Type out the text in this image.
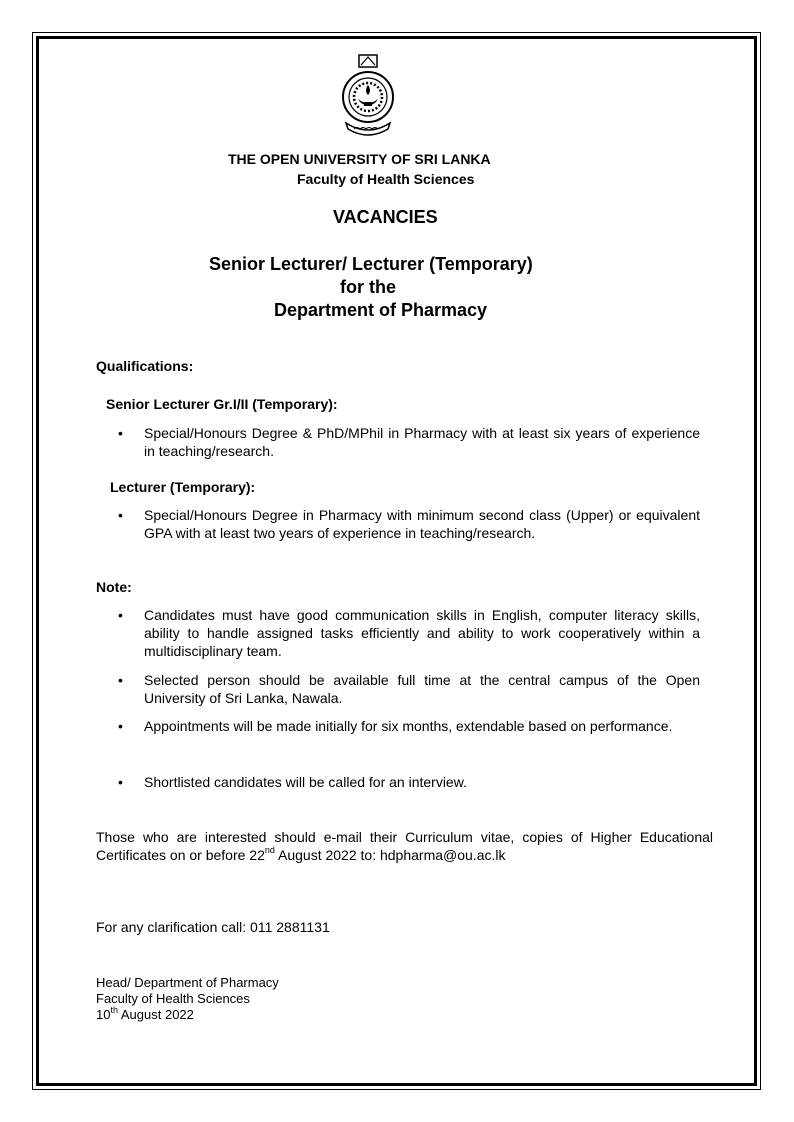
THE OPEN UNIVERSITY OF SRI LANKA
Faculty of Health Sciences
VACANCIES
Senior Lecturer/ Lecturer (Temporary)
for the
Department of Pharmacy
Qualifications:
Senior Lecturer Gr.I/II (Temporary):
•	Special/Honours Degree & PhD/MPhil in Pharmacy with at least six years of experience in teaching/research.
Lecturer (Temporary):
•	Special/Honours Degree in Pharmacy with minimum second class (Upper) or equivalent GPA with at least two years of experience in teaching/research.
Note:
•	Candidates must have good communication skills in English, computer literacy skills, ability to handle assigned tasks efficiently and ability to work cooperatively within a multidisciplinary team.
•	Selected person should be available full time at the central campus of the Open University of Sri Lanka, Nawala.
•	Appointments will be made initially for six months, extendable based on performance.
•	Shortlisted candidates will be called for an interview.
Those who are interested should e-mail their Curriculum vitae, copies of Higher Educational Certificates on or before 22nd August 2022 to: hdpharma@ou.ac.lk
For any clarification call: 011 2881131
Head/ Department of Pharmacy
Faculty of Health Sciences
10th August 2022
